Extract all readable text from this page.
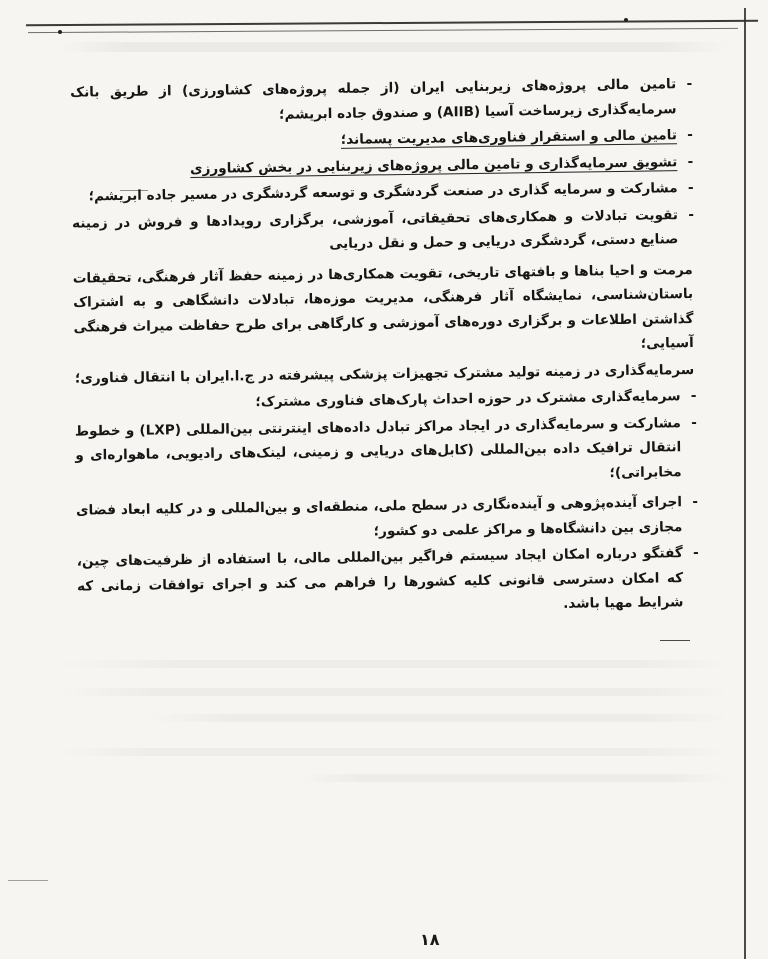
- تامین مالی پروژه‌های زیربنایی ایران (از جمله پروژه‌های کشاورزی) از طریق بانک سرمایه‌گذاری زیرساخت آسیا (AIIB) و صندوق جاده ابریشم؛

- تامین مالی و استقرار فناوری‌های مدیریت پسماند؛

- تشویق سرمایه‌گذاری و تامین مالی پروژه‌های زیربنایی در بخش کشاورزی

- مشارکت و سرمایه گذاری در صنعت گردشگری و توسعه گردشگری در مسیر جاده ابریشم؛

- تقویت تبادلات و همکاری‌های تحقیقاتی، آموزشی، برگزاری رویدادها و فروش در زمینه صنایع دستی، گردشگری دریایی و حمل و نقل دریایی

مرمت و احیا بناها و بافتهای تاریخی، تقویت همکاری‌ها در زمینه حفظ آثار فرهنگی، تحقیقات باستان‌شناسی، نمایشگاه آثار فرهنگی، مدیریت موزه‌ها، تبادلات دانشگاهی و به اشتراک گذاشتن اطلاعات و برگزاری دوره‌های آموزشی و کارگاهی برای طرح حفاظت میراث فرهنگی آسیایی؛

سرمایه‌گذاری در زمینه تولید مشترک تجهیزات پزشکی پیشرفته در ج.ا.ایران با انتقال فناوری؛

- سرمایه‌گذاری مشترک در حوزه احداث پارک‌های فناوری مشترک؛

- مشارکت و سرمایه‌گذاری در ایجاد مراکز تبادل داده‌های اینترنتی بین‌المللی (LXP) و خطوط انتقال ترافیک داده بین‌المللی (کابل‌های دریایی و زمینی، لینک‌های رادیویی، ماهواره‌ای و مخابراتی)؛

- اجرای آینده‌پژوهی و آینده‌نگاری در سطح ملی، منطقه‌ای و بین‌المللی و در کلیه ابعاد فضای مجازی بین دانشگاه‌ها و مراکز علمی دو کشور؛

- گفتگو درباره امکان ایجاد سیستم فراگیر بین‌المللی مالی، با استفاده از ظرفیت‌های چین، که امکان دسترسی قانونی کلیه کشورها را فراهم می کند و اجرای توافقات زمانی که شرایط مهیا باشد.

۱۸
